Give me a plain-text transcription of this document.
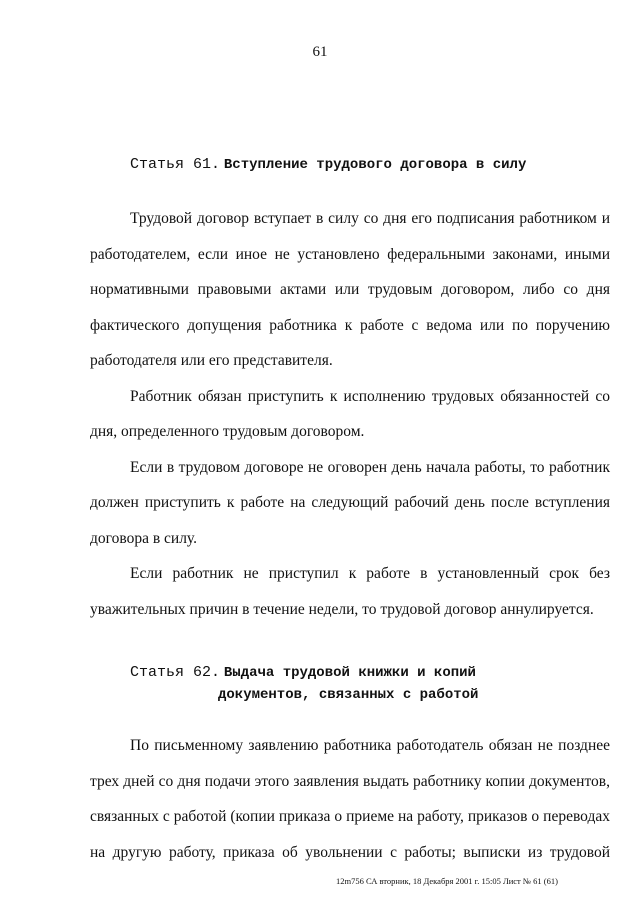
61
Статья 61. Вступление трудового договора в силу

Трудовой договор вступает в силу со дня его подписания работником и работодателем, если иное не установлено федеральными законами, иными нормативными правовыми актами или трудовым договором, либо со дня фактического допущения работника к работе с ведома или по поручению работодателя или его представителя.

Работник обязан приступить к исполнению трудовых обязанностей со дня, определенного трудовым договором.

Если в трудовом договоре не оговорен день начала работы, то работник должен приступить к работе на следующий рабочий день после вступления договора в силу.

Если работник не приступил к работе в установленный срок без уважительных причин в течение недели, то трудовой договор аннулируется.

Статья 62. Выдача трудовой книжки и копий
документов, связанных с работой

По письменному заявлению работника работодатель обязан не позднее трех дней со дня подачи этого заявления выдать работнику копии документов, связанных с работой (копии приказа о приеме на работу, приказов о переводах на другую работу, приказа об увольнении с работы; выписки из трудовой

12m756 СА вторник, 18 Декабря 2001 г. 15:05 Лист № 61 (61)
